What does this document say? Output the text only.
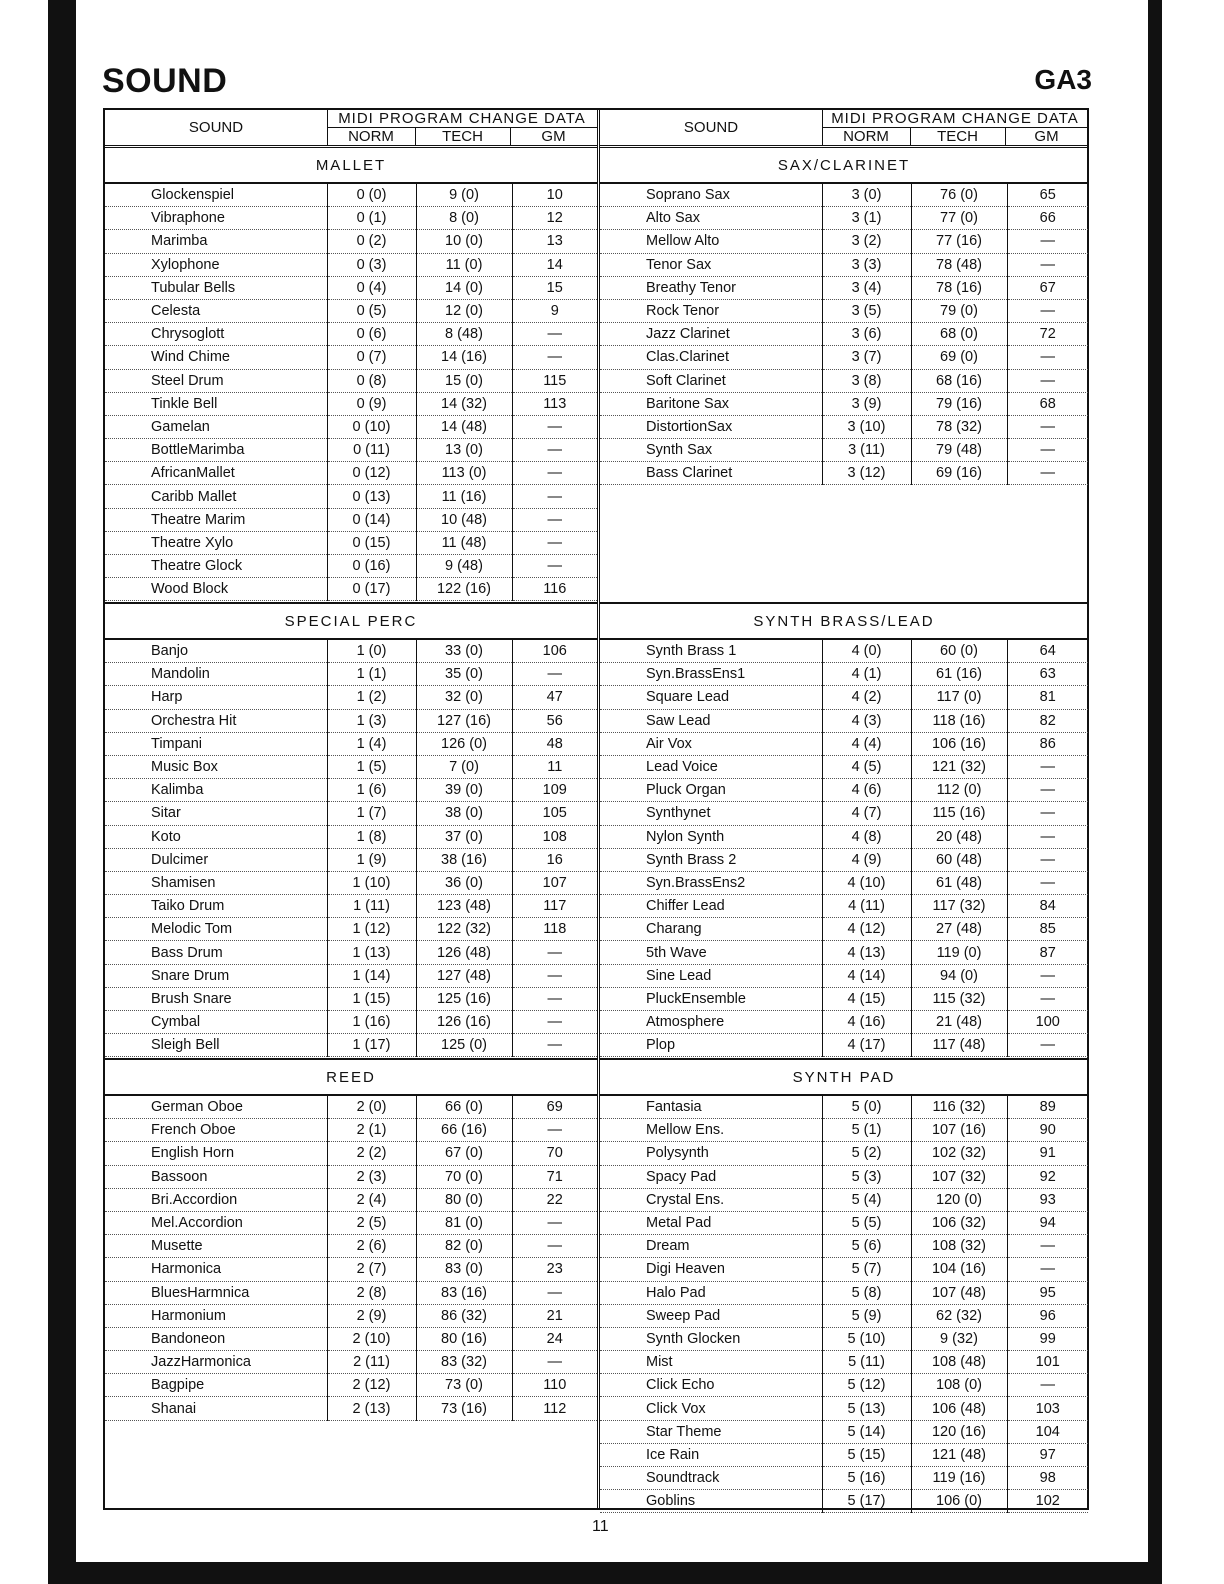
SOUND	GA3
SOUND
MIDI PROGRAM CHANGE DATA
NORM	TECH	GM
MALLET
Glockenspiel	0 (0)	9 (0)	10
Vibraphone	0 (1)	8 (0)	12
Marimba	0 (2)	10 (0)	13
Xylophone	0 (3)	11 (0)	14
Tubular Bells	0 (4)	14 (0)	15
Celesta	0 (5)	12 (0)	9
Chrysoglott	0 (6)	8 (48)	—
Wind Chime	0 (7)	14 (16)	—
Steel Drum	0 (8)	15 (0)	115
Tinkle Bell	0 (9)	14 (32)	113
Gamelan	0 (10)	14 (48)	—
BottleMarimba	0 (11)	13 (0)	—
AfricanMallet	0 (12)	113 (0)	—
Caribb Mallet	0 (13)	11 (16)	—
Theatre Marim	0 (14)	10 (48)	—
Theatre Xylo	0 (15)	11 (48)	—
Theatre Glock	0 (16)	9 (48)	—
Wood Block	0 (17)	122 (16)	116
SPECIAL PERC
Banjo	1 (0)	33 (0)	106
Mandolin	1 (1)	35 (0)	—
Harp	1 (2)	32 (0)	47
Orchestra Hit	1 (3)	127 (16)	56
Timpani	1 (4)	126 (0)	48
Music Box	1 (5)	7 (0)	11
Kalimba	1 (6)	39 (0)	109
Sitar	1 (7)	38 (0)	105
Koto	1 (8)	37 (0)	108
Dulcimer	1 (9)	38 (16)	16
Shamisen	1 (10)	36 (0)	107
Taiko Drum	1 (11)	123 (48)	117
Melodic Tom	1 (12)	122 (32)	118
Bass Drum	1 (13)	126 (48)	—
Snare Drum	1 (14)	127 (48)	—
Brush Snare	1 (15)	125 (16)	—
Cymbal	1 (16)	126 (16)	—
Sleigh Bell	1 (17)	125 (0)	—
REED
German Oboe	2 (0)	66 (0)	69
French Oboe	2 (1)	66 (16)	—
English Horn	2 (2)	67 (0)	70
Bassoon	2 (3)	70 (0)	71
Bri.Accordion	2 (4)	80 (0)	22
Mel.Accordion	2 (5)	81 (0)	—
Musette	2 (6)	82 (0)	—
Harmonica	2 (7)	83 (0)	23
BluesHarmnica	2 (8)	83 (16)	—
Harmonium	2 (9)	86 (32)	21
Bandoneon	2 (10)	80 (16)	24
JazzHarmonica	2 (11)	83 (32)	—
Bagpipe	2 (12)	73 (0)	110
Shanai	2 (13)	73 (16)	112
SOUND
MIDI PROGRAM CHANGE DATA
NORM	TECH	GM
SAX/CLARINET
Soprano Sax	3 (0)	76 (0)	65
Alto Sax	3 (1)	77 (0)	66
Mellow Alto	3 (2)	77 (16)	—
Tenor Sax	3 (3)	78 (48)	—
Breathy Tenor	3 (4)	78 (16)	67
Rock Tenor	3 (5)	79 (0)	—
Jazz Clarinet	3 (6)	68 (0)	72
Clas.Clarinet	3 (7)	69 (0)	—
Soft Clarinet	3 (8)	68 (16)	—
Baritone Sax	3 (9)	79 (16)	68
DistortionSax	3 (10)	78 (32)	—
Synth Sax	3 (11)	79 (48)	—
Bass Clarinet	3 (12)	69 (16)	—
SYNTH BRASS/LEAD
Synth Brass 1	4 (0)	60 (0)	64
Syn.BrassEns1	4 (1)	61 (16)	63
Square Lead	4 (2)	117 (0)	81
Saw Lead	4 (3)	118 (16)	82
Air Vox	4 (4)	106 (16)	86
Lead Voice	4 (5)	121 (32)	—
Pluck Organ	4 (6)	112 (0)	—
Synthynet	4 (7)	115 (16)	—
Nylon Synth	4 (8)	20 (48)	—
Synth Brass 2	4 (9)	60 (48)	—
Syn.BrassEns2	4 (10)	61 (48)	—
Chiffer Lead	4 (11)	117 (32)	84
Charang	4 (12)	27 (48)	85
5th Wave	4 (13)	119 (0)	87
Sine Lead	4 (14)	94 (0)	—
PluckEnsemble	4 (15)	115 (32)	—
Atmosphere	4 (16)	21 (48)	100
Plop	4 (17)	117 (48)	—
SYNTH PAD
Fantasia	5 (0)	116 (32)	89
Mellow Ens.	5 (1)	107 (16)	90
Polysynth	5 (2)	102 (32)	91
Spacy Pad	5 (3)	107 (32)	92
Crystal Ens.	5 (4)	120 (0)	93
Metal Pad	5 (5)	106 (32)	94
Dream	5 (6)	108 (32)	—
Digi Heaven	5 (7)	104 (16)	—
Halo Pad	5 (8)	107 (48)	95
Sweep Pad	5 (9)	62 (32)	96
Synth Glocken	5 (10)	9 (32)	99
Mist	5 (11)	108 (48)	101
Click Echo	5 (12)	108 (0)	—
Click Vox	5 (13)	106 (48)	103
Star Theme	5 (14)	120 (16)	104
Ice Rain	5 (15)	121 (48)	97
Soundtrack	5 (16)	119 (16)	98
Goblins	5 (17)	106 (0)	102
11
